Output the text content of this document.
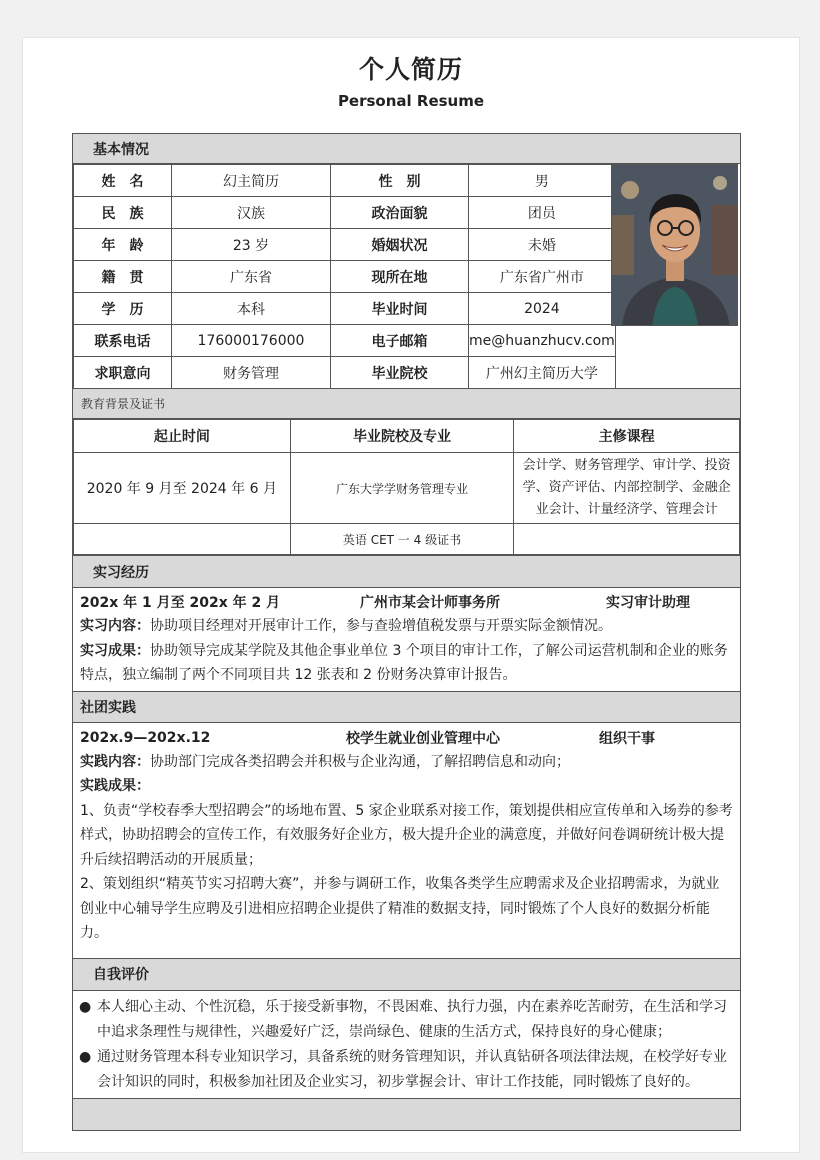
个人简历
Personal Resume
基本情况
姓　名	幻主简历	性　别	男
民　族	汉族	政治面貌	团员
年　龄	23 岁	婚姻状况	未婚
籍　贯	广东省	现所在地	广东省广州市
学　历	本科	毕业时间	2024
联系电话	176000176000	电子邮箱	me@huanzhucv.com
求职意向	财务管理	毕业院校	广州幻主简历大学
教育背景及证书
起止时间	毕业院校及专业	主修课程
2020 年 9 月至 2024 年 6 月	广东大学学财务管理专业	会计学、财务管理学、审计学、投资学、资产评估、内部控制学、金融企业会计、计量经济学、管理会计
	英语 CET 一 4 级证书	
实习经历
202x 年 1 月至 202x 年 2 月	广州市某会计师事务所	实习审计助理
实习内容：协助项目经理对开展审计工作，参与查验增值税发票与开票实际金额情况。
实习成果：协助领导完成某学院及其他企事业单位 3 个项目的审计工作，了解公司运营机制和企业的账务特点，独立编制了两个不同项目共 12 张表和 2 份财务决算审计报告。
社团实践
202x.9—202x.12	校学生就业创业管理中心	组织干事
实践内容：协助部门完成各类招聘会并积极与企业沟通，了解招聘信息和动向；
实践成果：
1、负责“学校春季大型招聘会”的场地布置、5 家企业联系对接工作，策划提供相应宣传单和入场券的参考样式，协助招聘会的宣传工作，有效服务好企业方，极大提升企业的满意度，并做好问卷调研统计极大提升后续招聘活动的开展质量；
2、策划组织“精英节实习招聘大赛”，并参与调研工作，收集各类学生应聘需求及企业招聘需求，为就业创业中心辅导学生应聘及引进相应招聘企业提供了精准的数据支持，同时锻炼了个人良好的数据分析能力。
自我评价
● 本人细心主动、个性沉稳，乐于接受新事物，不畏困难、执行力强，内在素养吃苦耐劳，在生活和学习中追求条理性与规律性，兴趣爱好广泛，崇尚绿色、健康的生活方式，保持良好的身心健康；
● 通过财务管理本科专业知识学习，具备系统的财务管理知识，并认真钻研各项法律法规，在校学好专业会计知识的同时，积极参加社团及企业实习，初步掌握会计、审计工作技能，同时锻炼了良好的。
